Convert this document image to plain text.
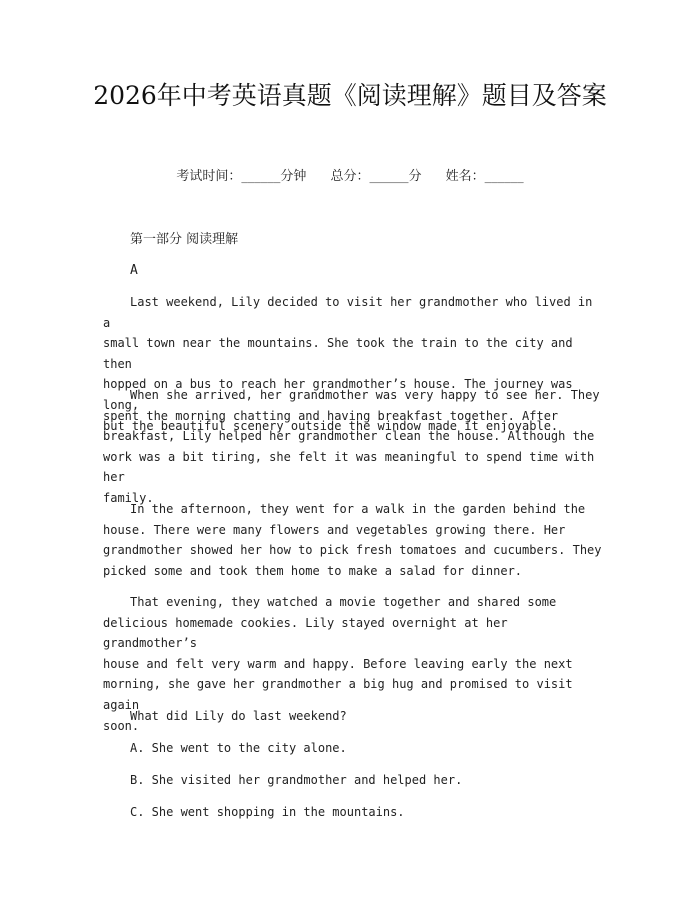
2026年中考英语真题《阅读理解》题目及答案
考试时间：______分钟 总分：______分 姓名：______
第一部分 阅读理解
A

Last weekend, Lily decided to visit her grandmother who lived in a
small town near the mountains. She took the train to the city and then
hopped on a bus to reach her grandmother’s house. The journey was long,
but the beautiful scenery outside the window made it enjoyable.

When she arrived, her grandmother was very happy to see her. They
spent the morning chatting and having breakfast together. After
breakfast, Lily helped her grandmother clean the house. Although the
work was a bit tiring, she felt it was meaningful to spend time with her
family.

In the afternoon, they went for a walk in the garden behind the
house. There were many flowers and vegetables growing there. Her
grandmother showed her how to pick fresh tomatoes and cucumbers. They
picked some and took them home to make a salad for dinner.

That evening, they watched a movie together and shared some
delicious homemade cookies. Lily stayed overnight at her grandmother’s
house and felt very warm and happy. Before leaving early the next
morning, she gave her grandmother a big hug and promised to visit again
soon.

What did Lily do last weekend?
A. She went to the city alone.
B. She visited her grandmother and helped her.
C. She went shopping in the mountains.
